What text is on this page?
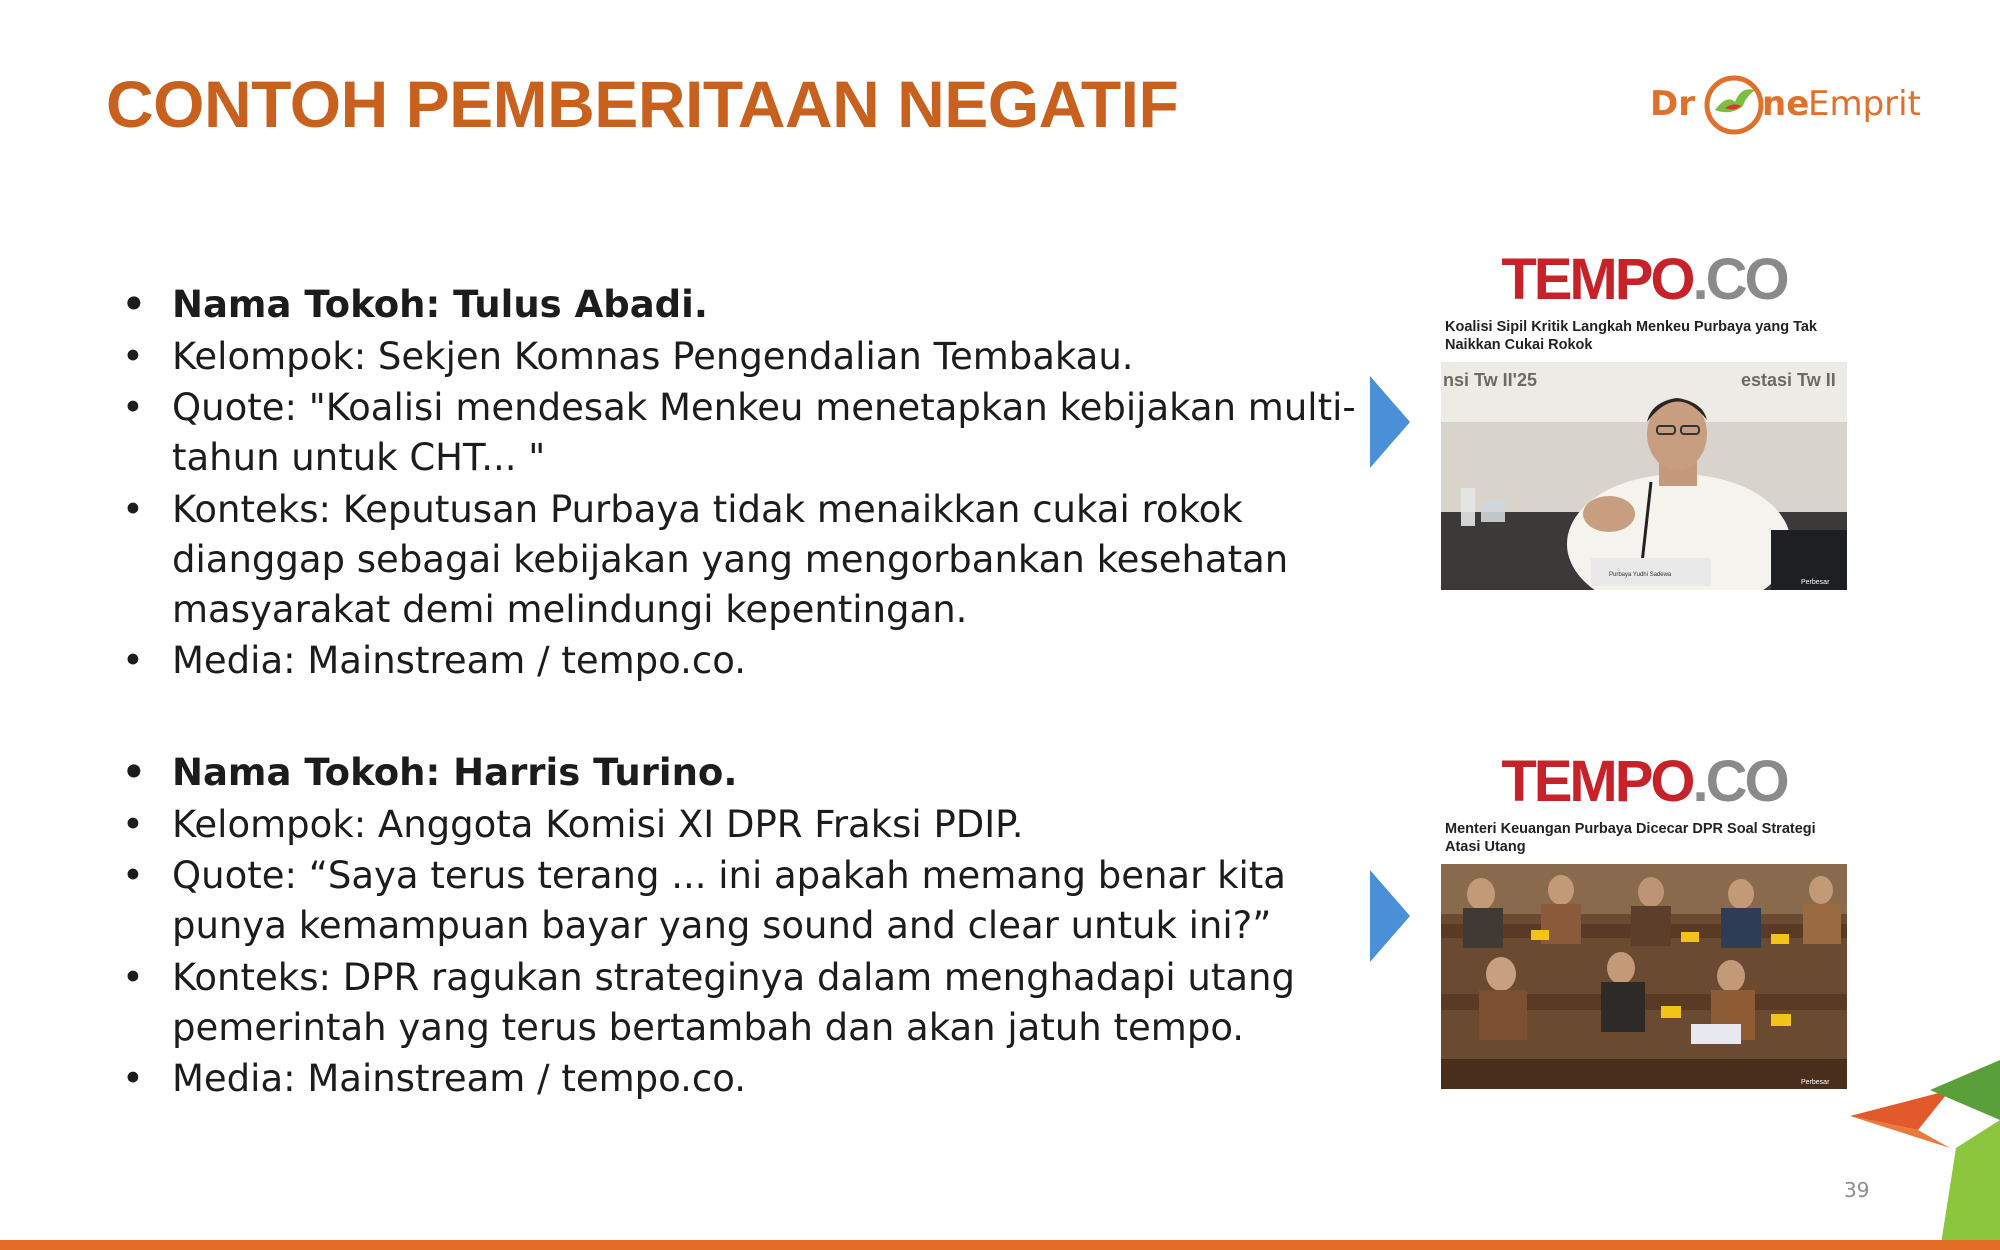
CONTOH PEMBERITAAN NEGATIF	Dr ne
Emprit
• Nama Tokoh: Tulus Abadi.
• Kelompok: Sekjen Komnas Pengendalian Tembakau.
• Quote: "Koalisi mendesak Menkeu menetapkan kebijakan multi-tahun untuk CHT... "
• Konteks: Keputusan Purbaya tidak menaikkan cukai rokok dianggap sebagai kebijakan yang mengorbankan kesehatan masyarakat demi melindungi kepentingan.
• Media: Mainstream / tempo.co.
• Nama Tokoh: Harris Turino.
• Kelompok: Anggota Komisi XI DPR Fraksi PDIP.
• Quote: “Saya terus terang ... ini apakah memang benar kita punya kemampuan bayar yang sound and clear untuk ini?”
• Konteks: DPR ragukan strateginya dalam menghadapi utang pemerintah yang terus bertambah dan akan jatuh tempo.
• Media: Mainstream / tempo.co.
TEMPO.CO
Koalisi Sipil Kritik Langkah Menkeu Purbaya yang Tak Naikkan Cukai Rokok
nsi Tw II'25	estasi Tw II
Purbaya Yudhi Sadewa
Perbesar
TEMPO.CO
Menteri Keuangan Purbaya Dicecar DPR Soal Strategi Atasi Utang
Perbesar
39
